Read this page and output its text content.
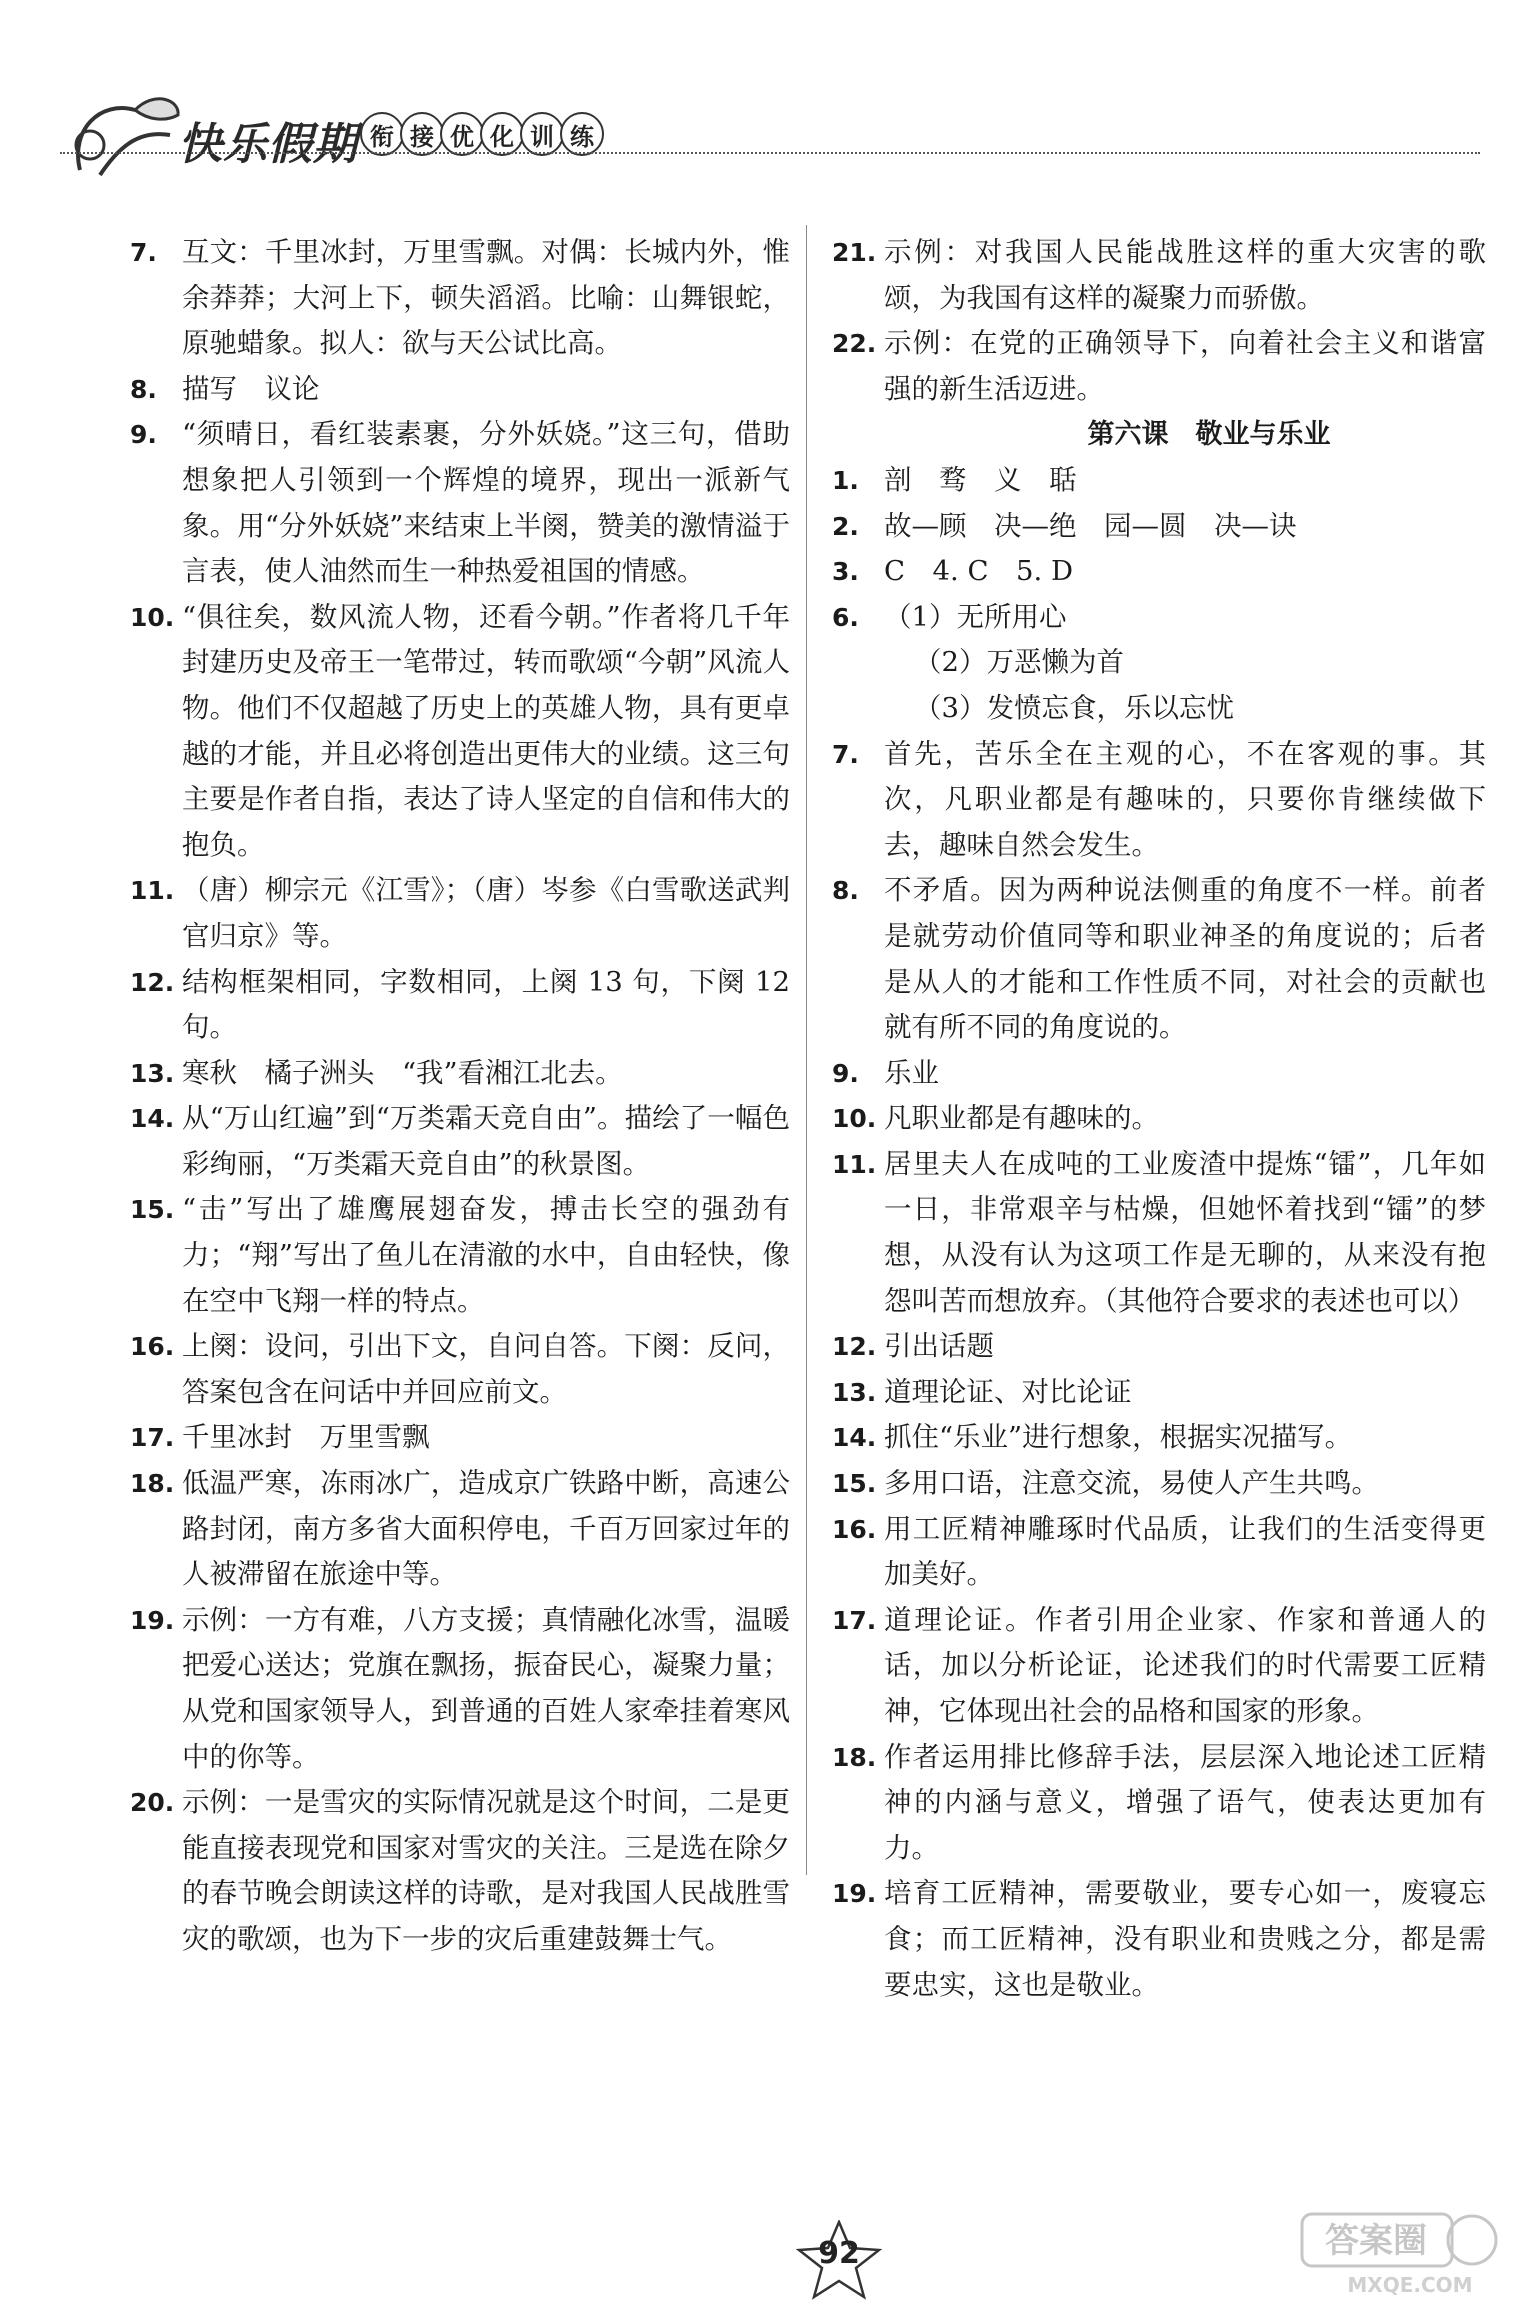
快乐假期 衔 接 优 化 训 练
7. 互文：千里冰封，万里雪飘。对偶：长城内外，惟余莽莽；大河上下，顿失滔滔。比喻：山舞银蛇，原驰蜡象。拟人：欲与天公试比高。
8. 描写　议论
9. “须晴日，看红装素裹，分外妖娆。”这三句，借助想象把人引领到一个辉煌的境界，现出一派新气象。用“分外妖娆”来结束上半阕，赞美的激情溢于言表，使人油然而生一种热爱祖国的情感。
10. “俱往矣，数风流人物，还看今朝。”作者将几千年封建历史及帝王一笔带过，转而歌颂“今朝”风流人物。他们不仅超越了历史上的英雄人物，具有更卓越的才能，并且必将创造出更伟大的业绩。这三句主要是作者自指，表达了诗人坚定的自信和伟大的抱负。
11. （唐）柳宗元《江雪》；（唐）岑参《白雪歌送武判官归京》等。
12. 结构框架相同，字数相同，上阕 13 句，下阕 12 句。
13. 寒秋　橘子洲头　“我”看湘江北去。
14. 从“万山红遍”到“万类霜天竞自由”。描绘了一幅色彩绚丽，“万类霜天竞自由”的秋景图。
15. “击”写出了雄鹰展翅奋发，搏击长空的强劲有力；“翔”写出了鱼儿在清澈的水中，自由轻快，像在空中飞翔一样的特点。
16. 上阕：设问，引出下文，自问自答。下阕：反问，答案包含在问话中并回应前文。
17. 千里冰封　万里雪飘
18. 低温严寒，冻雨冰广，造成京广铁路中断，高速公路封闭，南方多省大面积停电，千百万回家过年的人被滞留在旅途中等。
19. 示例：一方有难，八方支援；真情融化冰雪，温暖把爱心送达；党旗在飘扬，振奋民心，凝聚力量；从党和国家领导人，到普通的百姓人家牵挂着寒风中的你等。
20. 示例：一是雪灾的实际情况就是这个时间，二是更能直接表现党和国家对雪灾的关注。三是选在除夕的春节晚会朗读这样的诗歌，是对我国人民战胜雪灾的歌颂，也为下一步的灾后重建鼓舞士气。
21. 示例：对我国人民能战胜这样的重大灾害的歌颂，为我国有这样的凝聚力而骄傲。
22. 示例：在党的正确领导下，向着社会主义和谐富强的新生活迈进。
第六课　敬业与乐业
1. 剖　骛　义　聒
2. 故—顾　决—绝　园—圆　决—诀
3. C　4. C　5. D
6. （1）无所用心
（2）万恶懒为首
（3）发愤忘食，乐以忘忧
7. 首先，苦乐全在主观的心，不在客观的事。其次，凡职业都是有趣味的，只要你肯继续做下去，趣味自然会发生。
8. 不矛盾。因为两种说法侧重的角度不一样。前者是就劳动价值同等和职业神圣的角度说的；后者是从人的才能和工作性质不同，对社会的贡献也就有所不同的角度说的。
9. 乐业
10. 凡职业都是有趣味的。
11. 居里夫人在成吨的工业废渣中提炼“镭”，几年如一日，非常艰辛与枯燥，但她怀着找到“镭”的梦想，从没有认为这项工作是无聊的，从来没有抱怨叫苦而想放弃。（其他符合要求的表述也可以）
12. 引出话题
13. 道理论证、对比论证
14. 抓住“乐业”进行想象，根据实况描写。
15. 多用口语，注意交流，易使人产生共鸣。
16. 用工匠精神雕琢时代品质，让我们的生活变得更加美好。
17. 道理论证。作者引用企业家、作家和普通人的话，加以分析论证，论述我们的时代需要工匠精神，它体现出社会的品格和国家的形象。
18. 作者运用排比修辞手法，层层深入地论述工匠精神的内涵与意义，增强了语气，使表达更加有力。
19. 培育工匠精神，需要敬业，要专心如一，废寝忘食；而工匠精神，没有职业和贵贱之分，都是需要忠实，这也是敬业。
92	答案圈
MXQE.COM
